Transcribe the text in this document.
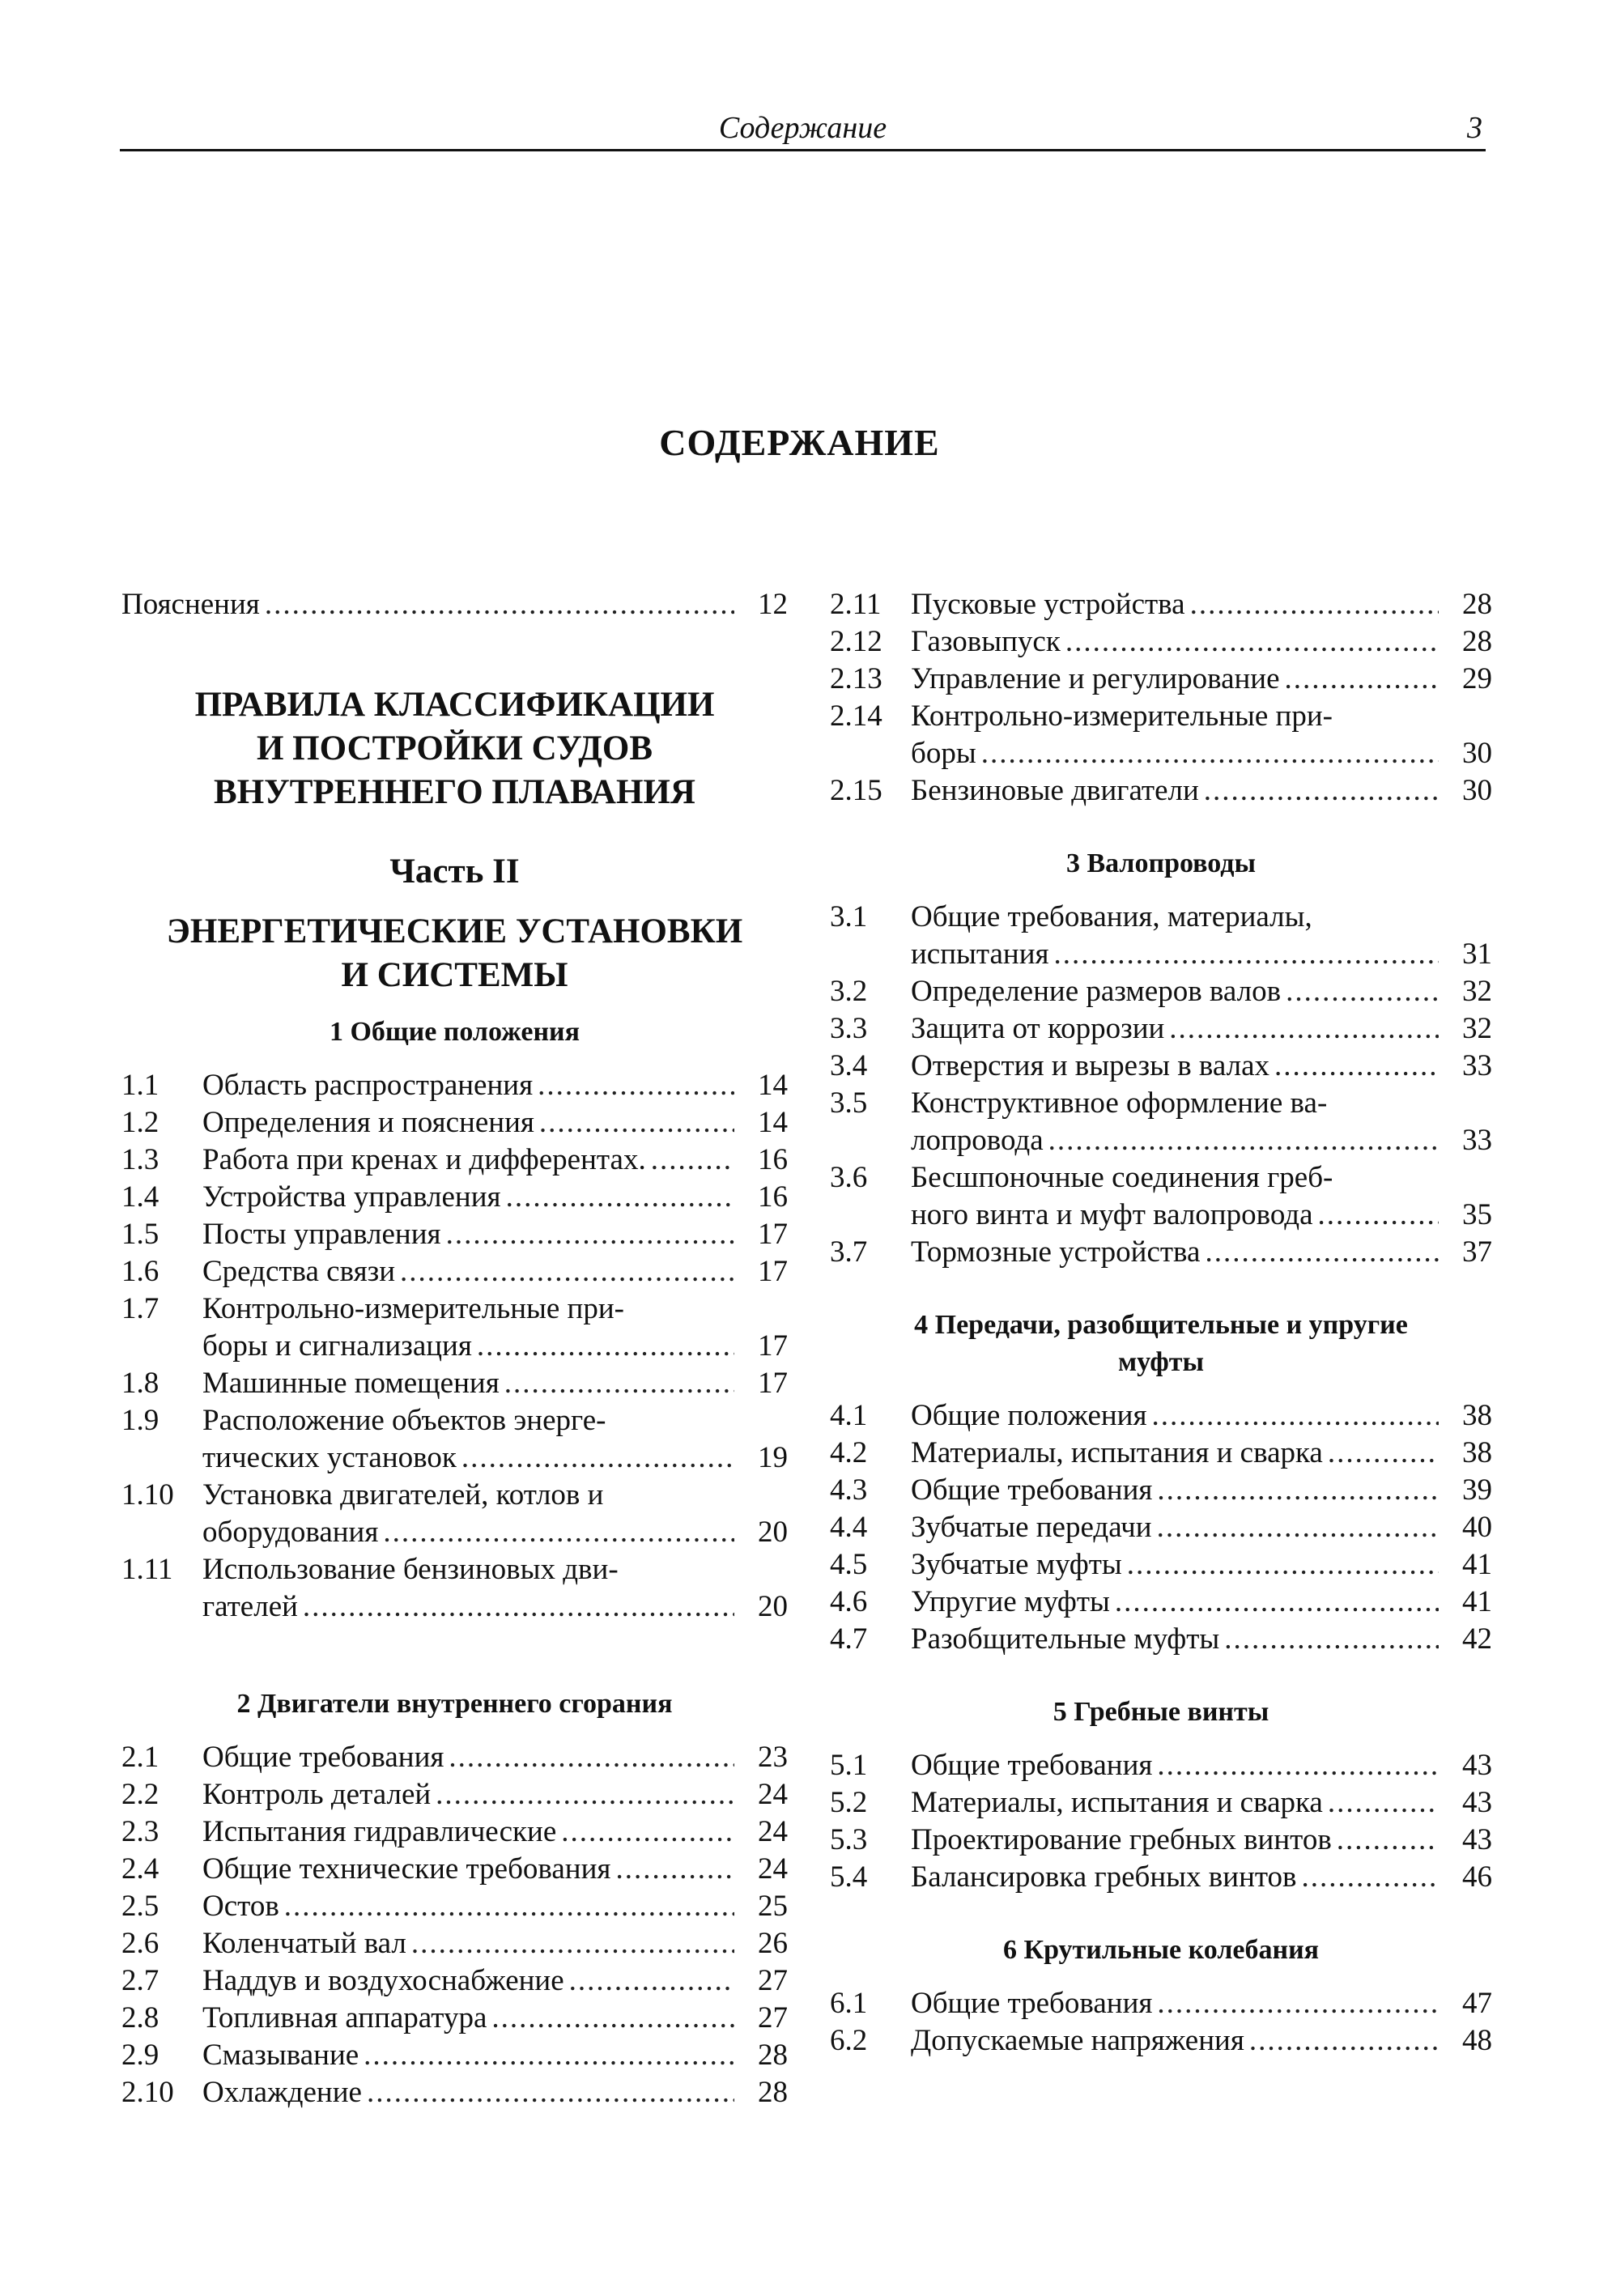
Содержание	3
СОДЕРЖАНИЕ
Пояснения .....	12
ПРАВИЛА КЛАССИФИКАЦИИ
И ПОСТРОЙКИ СУДОВ
ВНУТРЕННЕГО ПЛАВАНИЯ
Часть II
ЭНЕРГЕТИЧЕСКИЕ УСТАНОВКИ
И СИСТЕМЫ
1 Общие положения
1.1	Область распространения .....	14
1.2	Определения и пояснения .....	14
1.3	Работа при кренах и дифферентах. .....	16
1.4	Устройства управления .....	16
1.5	Посты управления .....	17
1.6	Средства связи .....	17
1.7	Контрольно-измерительные при-
боры и сигнализация .....	17
1.8	Машинные помещения .....	17
1.9	Расположение объектов энерге-
тических установок .....	19
1.10 Установка двигателей, котлов и
оборудования .....	20
1.11 Использование бензиновых дви-
гателей .....	20
2 Двигатели внутреннего сгорания
2.1	Общие требования .....	23
2.2	Контроль деталей .....	24
2.3	Испытания гидравлические .....	24
2.4	Общие технические требования .....	24
2.5	Остов .....	25
2.6	Коленчатый вал .....	26
2.7	Наддув и воздухоснабжение .....	27
2.8	Топливная аппаратура .....	27
2.9	Смазывание .....	28
2.10 Охлаждение .....	28
2.11 Пусковые устройства .....	28
2.12 Газовыпуск .....	28
2.13 Управление и регулирование .....	29
2.14 Контрольно-измерительные при-
боры .....	30
2.15 Бензиновые двигатели .....	30
3 Валопроводы
3.1	Общие требования, материалы,
испытания .....	31
3.2	Определение размеров валов .....	32
3.3	Защита от коррозии .....	32
3.4	Отверстия и вырезы в валах .....	33
3.5	Конструктивное оформление ва-
лопровода .....	33
3.6	Бесшпоночные соединения греб-
ного винта и муфт валопровода .....	35
3.7	Тормозные устройства .....	37
4 Передачи, разобщительные и упругие
муфты
4.1	Общие положения .....	38
4.2	Материалы, испытания и сварка .....	38
4.3	Общие требования .....	39
4.4	Зубчатые передачи .....	40
4.5	Зубчатые муфты .....	41
4.6	Упругие муфты .....	41
4.7	Разобщительные муфты .....	42
5 Гребные винты
5.1	Общие требования .....	43
5.2	Материалы, испытания и сварка .....	43
5.3	Проектирование гребных винтов .....	43
5.4	Балансировка гребных винтов .....	46
6 Крутильные колебания
6.1	Общие требования .....	47
6.2	Допускаемые напряжения .....	48
